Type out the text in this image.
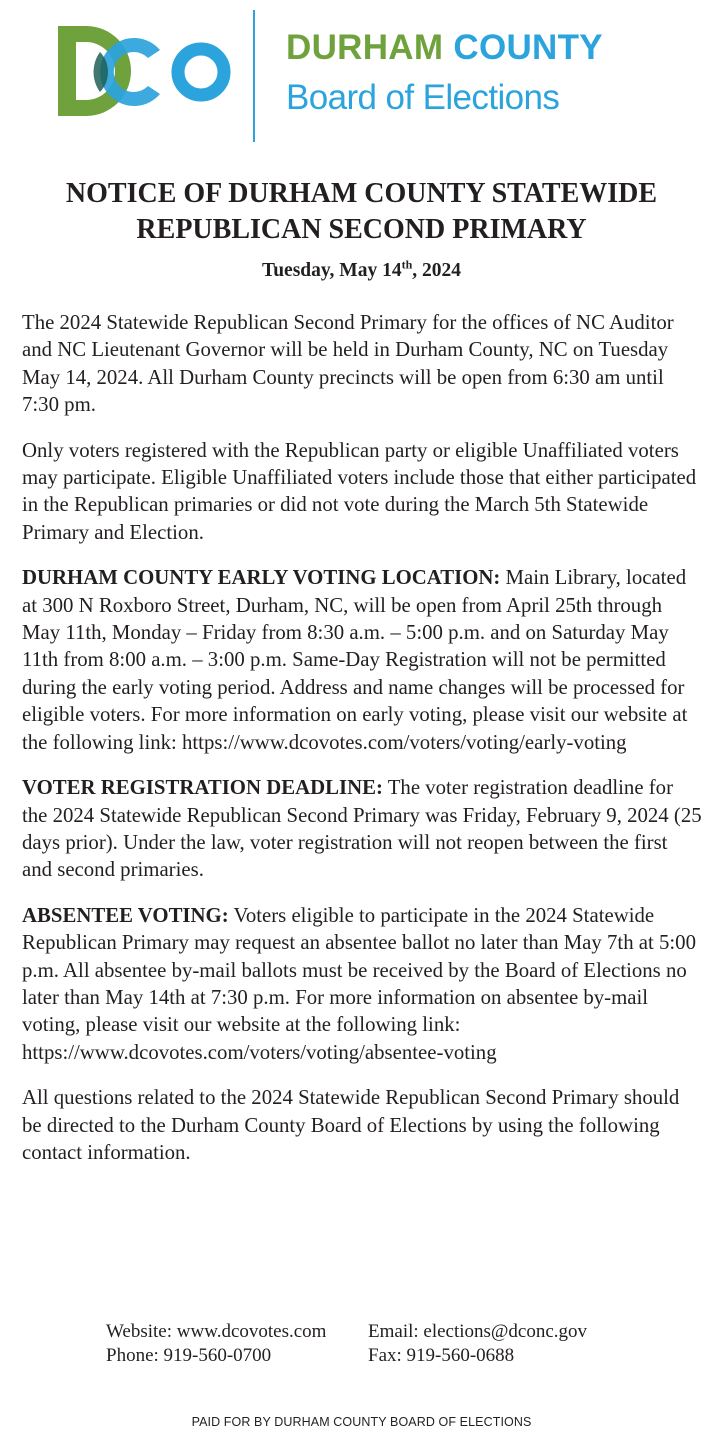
DURHAM COUNTY
Board of Elections
NOTICE OF DURHAM COUNTY STATEWIDE
REPUBLICAN SECOND PRIMARY
Tuesday, May 14th, 2024

The 2024 Statewide Republican Second Primary for the offices of NC Auditor and NC Lieutenant Governor will be held in Durham County, NC on Tuesday May 14, 2024. All Durham County precincts will be open from 6:30 am until 7:30 pm.

Only voters registered with the Republican party or eligible Unaffiliated voters may participate. Eligible Unaffiliated voters include those that either participated in the Republican primaries or did not vote during the March 5th Statewide Primary and Election.

DURHAM COUNTY EARLY VOTING LOCATION: Main Library, located at 300 N Roxboro Street, Durham, NC, will be open from April 25th through May 11th, Monday – Friday from 8:30 a.m. – 5:00 p.m. and on Saturday May 11th from 8:00 a.m. – 3:00 p.m. Same-Day Registration will not be permitted during the early voting period. Address and name changes will be processed for eligible voters. For more information on early voting, please visit our website at the following link: https://www.dcovotes.com/voters/voting/early-voting

VOTER REGISTRATION DEADLINE: The voter registration deadline for the 2024 Statewide Republican Second Primary was Friday, February 9, 2024 (25 days prior). Under the law, voter registration will not reopen between the first and second primaries.

ABSENTEE VOTING: Voters eligible to participate in the 2024 Statewide Republican Primary may request an absentee ballot no later than May 7th at 5:00 p.m. All absentee by-mail ballots must be received by the Board of Elections no later than May 14th at 7:30 p.m. For more information on absentee by-mail voting, please visit our website at the following link: https://www.dcovotes.com/voters/voting/absentee-voting

All questions related to the 2024 Statewide Republican Second Primary should be directed to the Durham County Board of Elections by using the following contact information.

Website: www.dcovotes.com
Phone: 919-560-0700
Email: elections@dconc.gov
Fax: 919-560-0688
PAID FOR BY DURHAM COUNTY BOARD OF ELECTIONS
